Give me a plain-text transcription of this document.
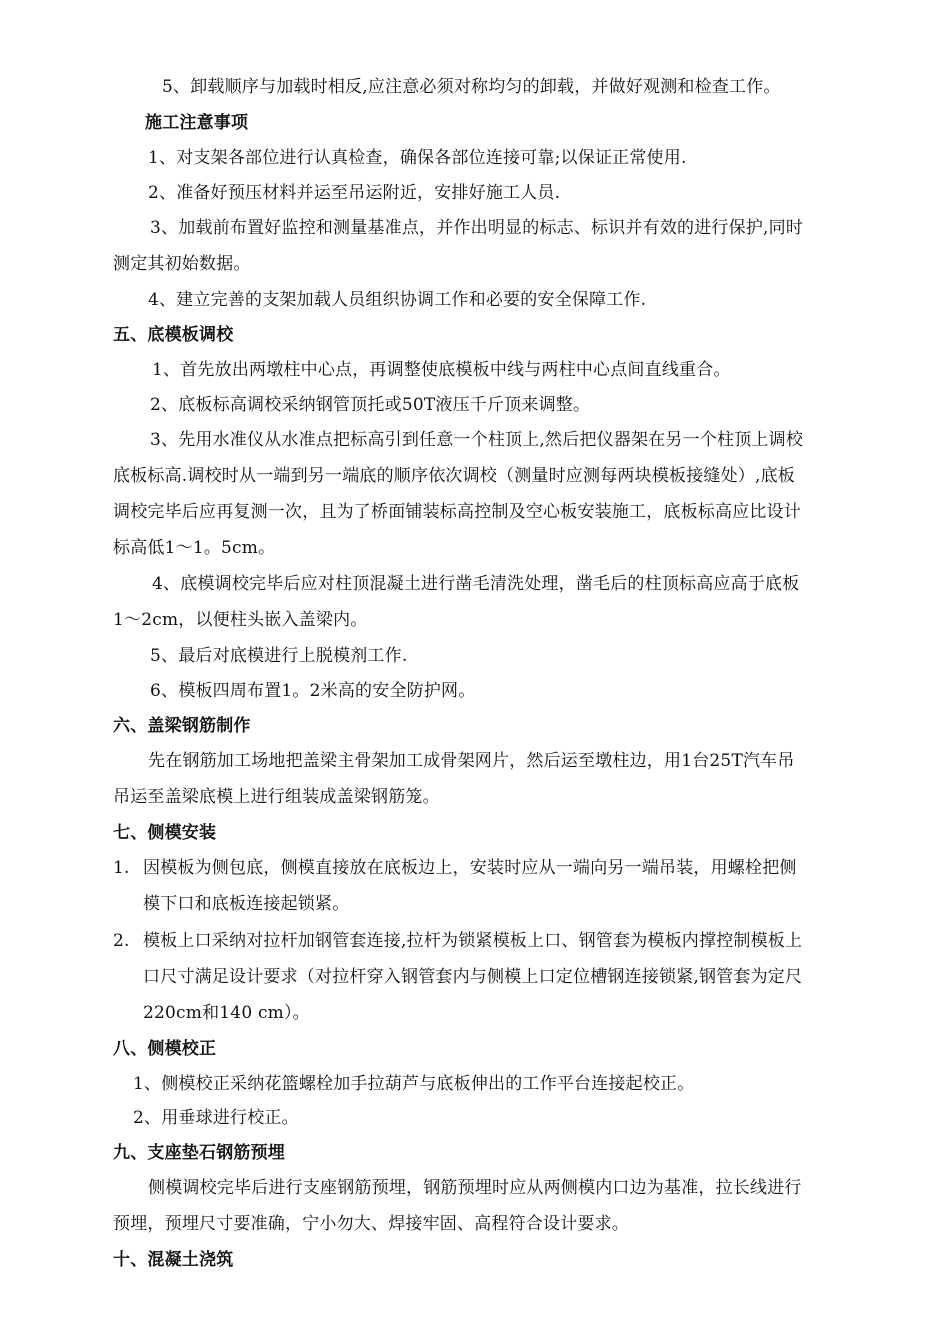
5、卸载顺序与加载时相反,应注意必须对称均匀的卸载，并做好观测和检查工作。
施工注意事项
1、对支架各部位进行认真检查，确保各部位连接可靠;以保证正常使用.
2、准备好预压材料并运至吊运附近，安排好施工人员.
3、加载前布置好监控和测量基准点，并作出明显的标志、标识并有效的进行保护,同时
测定其初始数据。
4、建立完善的支架加载人员组织协调工作和必要的安全保障工作.
五、底模板调校
1、首先放出两墩柱中心点，再调整使底模板中线与两柱中心点间直线重合。
2、底板标高调校采纳钢管顶托或50T液压千斤顶来调整。
3、先用水准仪从水准点把标高引到任意一个柱顶上,然后把仪器架在另一个柱顶上调校
底板标高.调校时从一端到另一端底的顺序依次调校（测量时应测每两块模板接缝处）,底板
调校完毕后应再复测一次，且为了桥面铺装标高控制及空心板安装施工，底板标高应比设计
标高低1～1。5cm。
4、底模调校完毕后应对柱顶混凝土进行凿毛清洗处理，凿毛后的柱顶标高应高于底板
1～2cm，以便柱头嵌入盖梁内。
5、最后对底模进行上脱模剂工作.
6、模板四周布置1。2米高的安全防护网。
六、盖梁钢筋制作
先在钢筋加工场地把盖梁主骨架加工成骨架网片，然后运至墩柱边，用1台25T汽车吊
吊运至盖梁底模上进行组装成盖梁钢筋笼。
七、侧模安装
1. 因模板为侧包底，侧模直接放在底板边上，安装时应从一端向另一端吊装，用螺栓把侧
模下口和底板连接起锁紧。
2. 模板上口采纳对拉杆加钢管套连接,拉杆为锁紧模板上口、钢管套为模板内撑控制模板上
口尺寸满足设计要求（对拉杆穿入钢管套内与侧模上口定位槽钢连接锁紧,钢管套为定尺
220cm和140 cm）。
八、侧模校正
1、侧模校正采纳花篮螺栓加手拉葫芦与底板伸出的工作平台连接起校正。
2、用垂球进行校正。
九、支座垫石钢筋预埋
侧模调校完毕后进行支座钢筋预埋，钢筋预埋时应从两侧模内口边为基准，拉长线进行
预埋，预埋尺寸要准确，宁小勿大、焊接牢固、高程符合设计要求。
十、混凝土浇筑
